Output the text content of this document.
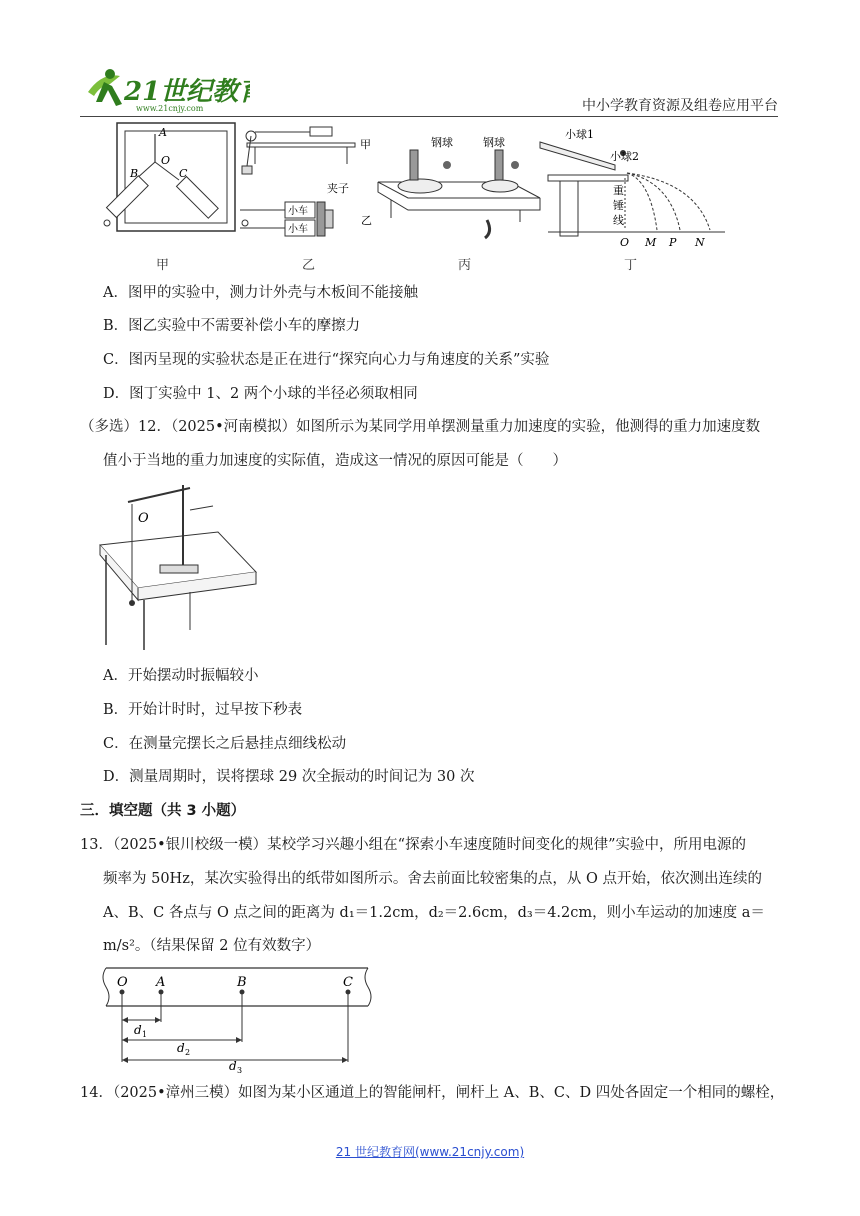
21世纪教
www.21cnjy.com	中小学教育资源及组卷应用平台
A
O
B	C
甲
夹子
小车
小车
乙
钢球	钢球
小球1
小球2
重
锤
线
O M P N
甲	乙	丙	丁
A．图甲的实验中，测力计外壳与木板间不能接触
B．图乙实验中不需要补偿小车的摩擦力
C．图丙呈现的实验状态是正在进行“探究向心力与角速度的关系”实验
D．图丁实验中 1、2 两个小球的半径必须取相同
（多选）12．（2025•河南模拟）如图所示为某同学用单摆测量重力加速度的实验，他测得的重力加速度数
值小于当地的重力加速度的实际值，造成这一情况的原因可能是（　　）
O
A．开始摆动时振幅较小
B．开始计时时，过早按下秒表
C．在测量完摆长之后悬挂点细线松动
D．测量周期时，误将摆球 29 次全振动的时间记为 30 次
三．填空题（共 3 小题）
13．（2025•银川校级一模）某校学习兴趣小组在“探索小车速度随时间变化的规律”实验中，所用电源的
频率为 50Hz，某次实验得出的纸带如图所示。舍去前面比较密集的点，从 O 点开始，依次测出连续的
A、B、C 各点与 O 点之间的距离为 d₁＝1.2cm，d₂＝2.6cm，d₃＝4.2cm，则小车运动的加速度 a＝
m/s²。（结果保留 2 位有效数字）
O A	B	C
d 1
d 2
d 3
14．（2025•漳州三模）如图为某小区通道上的智能闸杆，闸杆上 A、B、C、D 四处各固定一个相同的螺栓，
21 世纪教育网(www.21cnjy.com)
